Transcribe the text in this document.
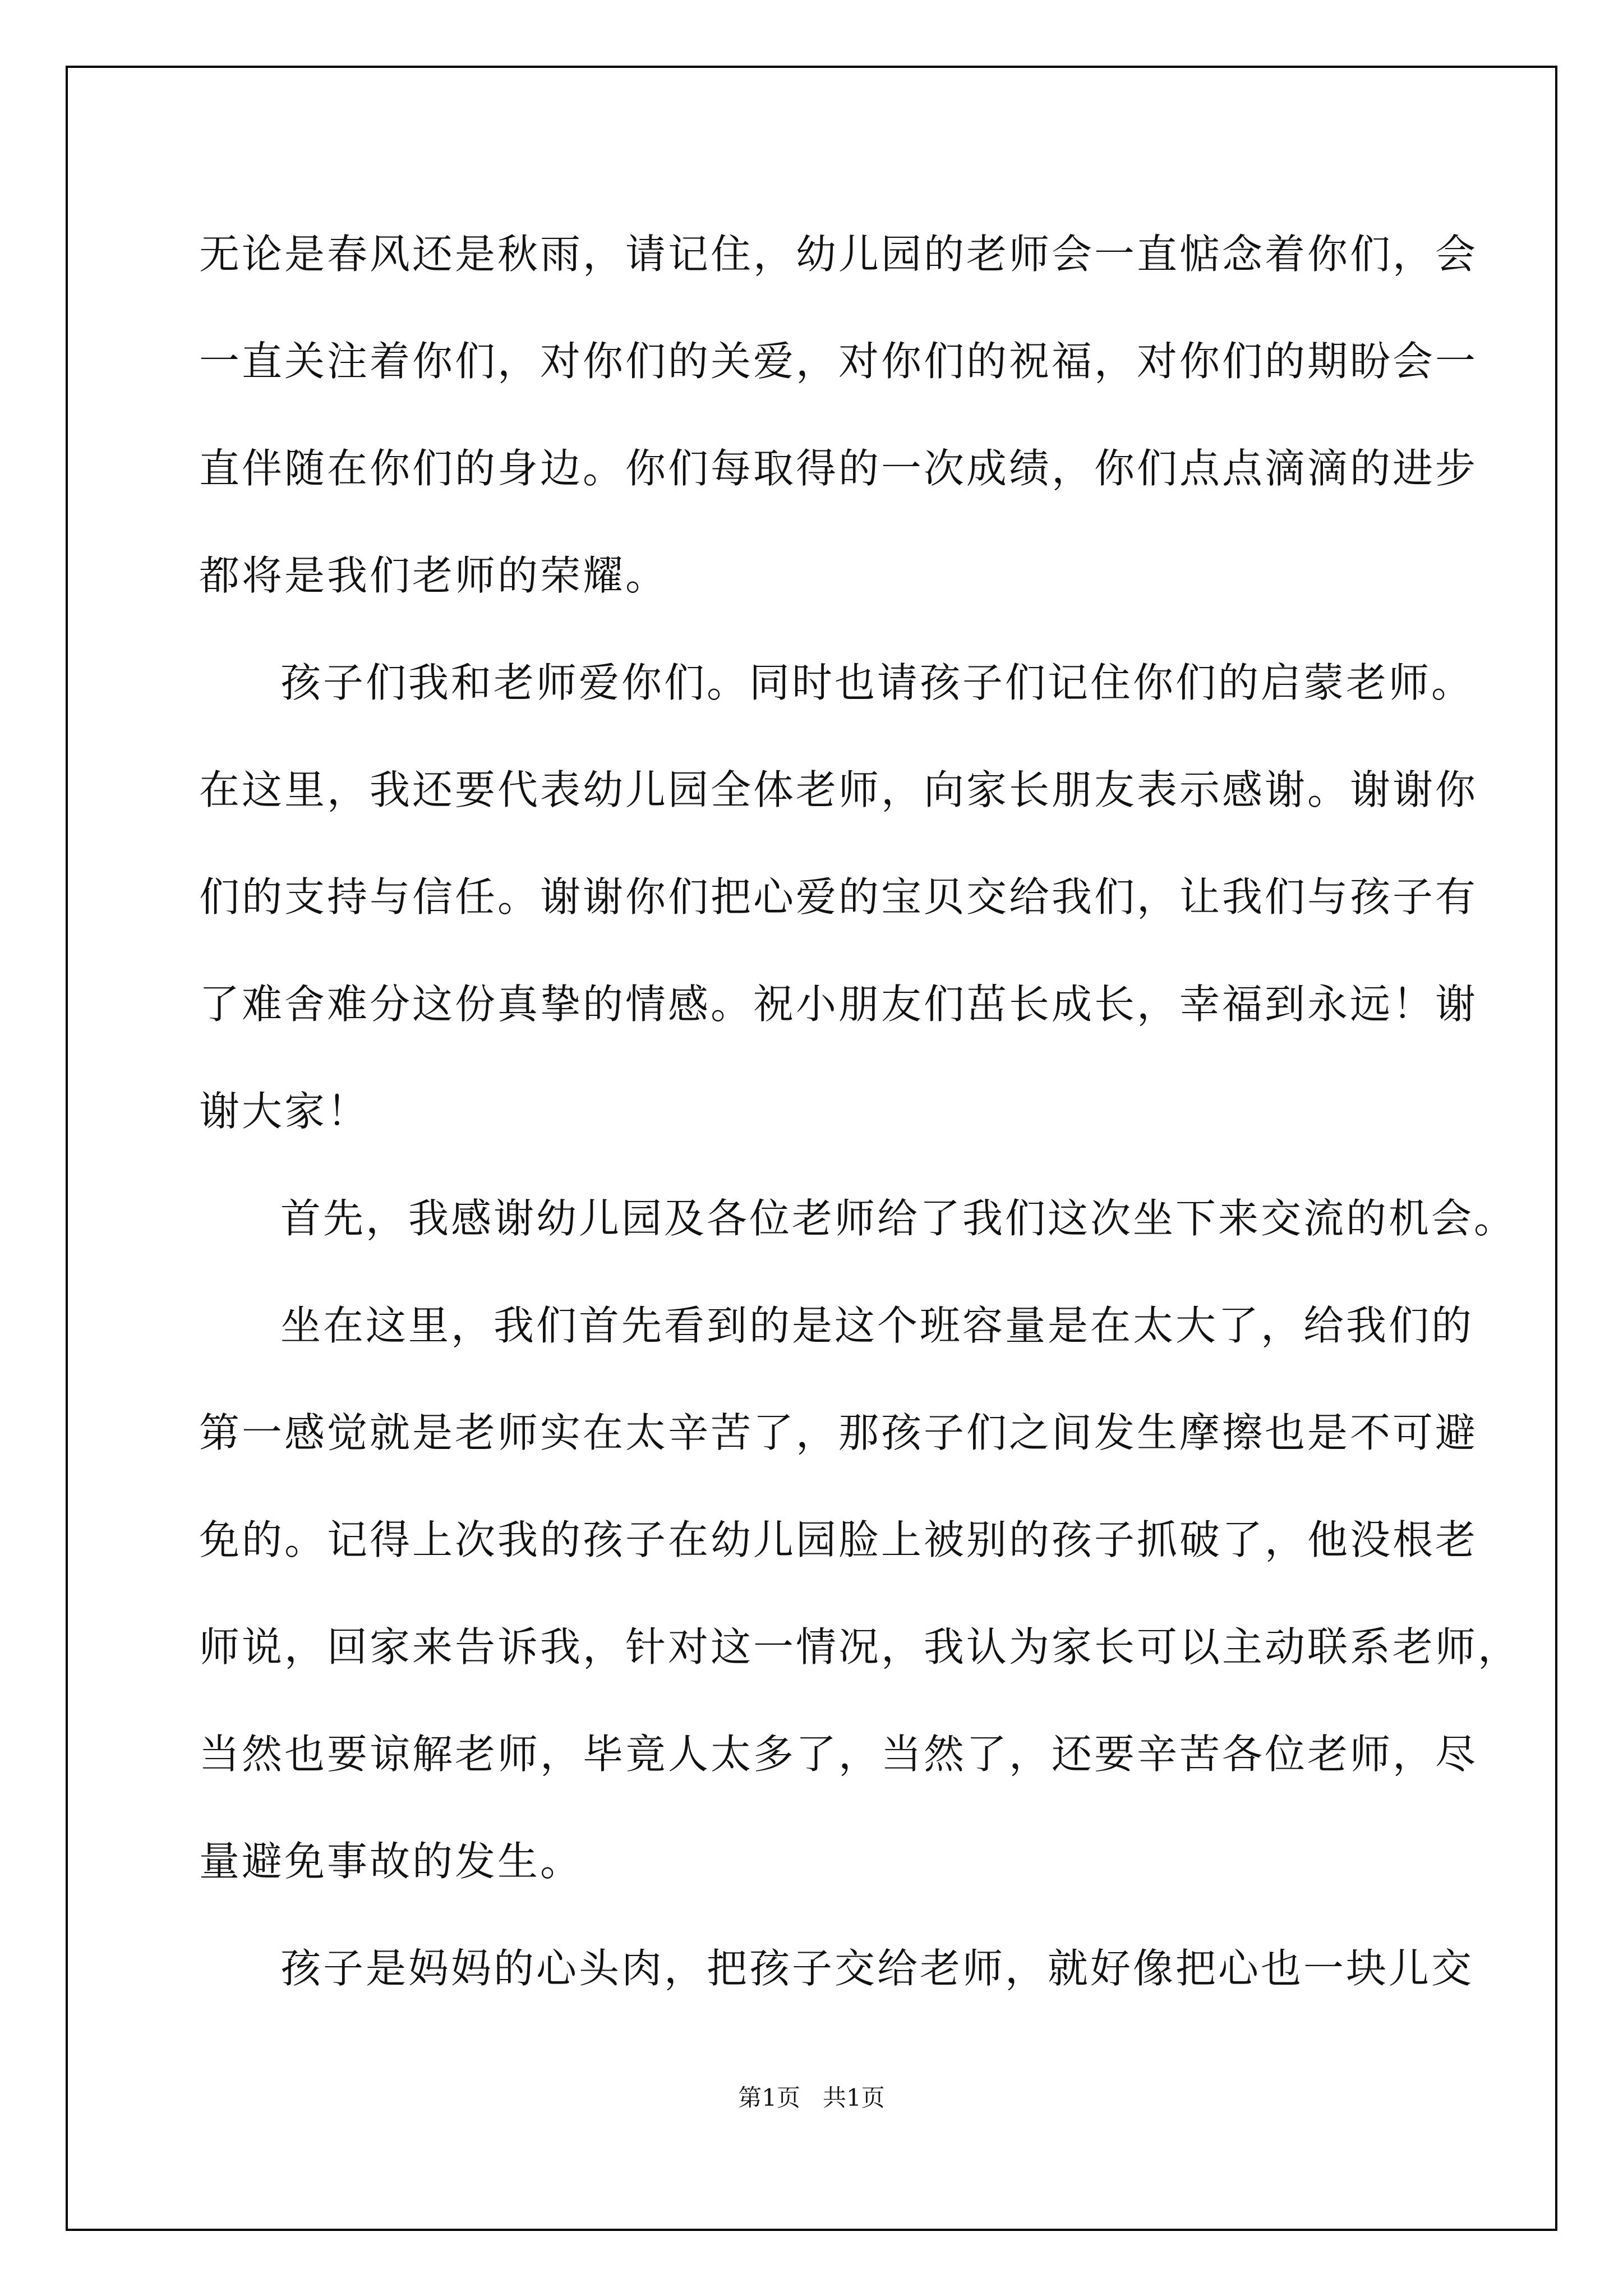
无论是春风还是秋雨，请记住，幼儿园的老师会一直惦念着你们，会
一直关注着你们，对你们的关爱，对你们的祝福，对你们的期盼会一
直伴随在你们的身边。你们每取得的一次成绩，你们点点滴滴的进步
都将是我们老师的荣耀。
孩子们我和老师爱你们。同时也请孩子们记住你们的启蒙老师。
在这里，我还要代表幼儿园全体老师，向家长朋友表示感谢。谢谢你
们的支持与信任。谢谢你们把心爱的宝贝交给我们，让我们与孩子有
了难舍难分这份真挚的情感。祝小朋友们茁长成长，幸福到永远！谢
谢大家！
首先，我感谢幼儿园及各位老师给了我们这次坐下来交流的机会。
坐在这里，我们首先看到的是这个班容量是在太大了，给我们的
第一感觉就是老师实在太辛苦了，那孩子们之间发生摩擦也是不可避
免的。记得上次我的孩子在幼儿园脸上被别的孩子抓破了，他没根老
师说，回家来告诉我，针对这一情况，我认为家长可以主动联系老师，
当然也要谅解老师，毕竟人太多了，当然了，还要辛苦各位老师，尽
量避免事故的发生。
孩子是妈妈的心头肉，把孩子交给老师，就好像把心也一块儿交
第1页 共1页
